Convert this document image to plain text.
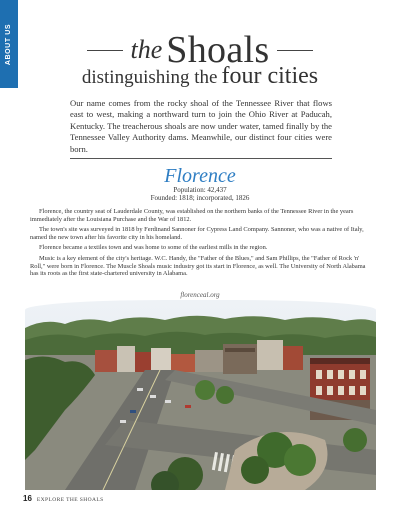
ABOUT US	the Shoals
distinguishing the four cities
Our name comes from the rocky shoal of the Tennessee River that flows east to west, making a northward turn to join the Ohio River at Paducah, Kentucky. The treacherous shoals are now under water, tamed finally by the Tennessee Valley Authority dams. Meanwhile, our distinct four cities were born.
Florence
Population: 42,437
Founded: 1818; incorporated, 1826

Florence, the country seat of Lauderdale County, was established on the northern banks of the Tennessee River in the years immediately after the Louisiana Purchase and the War of 1812.

The town's site was surveyed in 1818 by Ferdinand Sannoner for Cypress Land Company. Sannoner, who was a native of Italy, named the new town after his favorite city in his homeland.

Florence became a textiles town and was home to some of the earliest mills in the region.

Music is a key element of the city's heritage. W.C. Handy, the "Father of the Blues," and Sam Phillips, the "Father of Rock 'n' Roll," were born in Florence. The Muscle Shoals music industry got its start in Florence, as well. The University of North Alabama has its roots as the first state-chartered university in Alabama.

florenceal.org
16 EXPLORE THE SHOALS
